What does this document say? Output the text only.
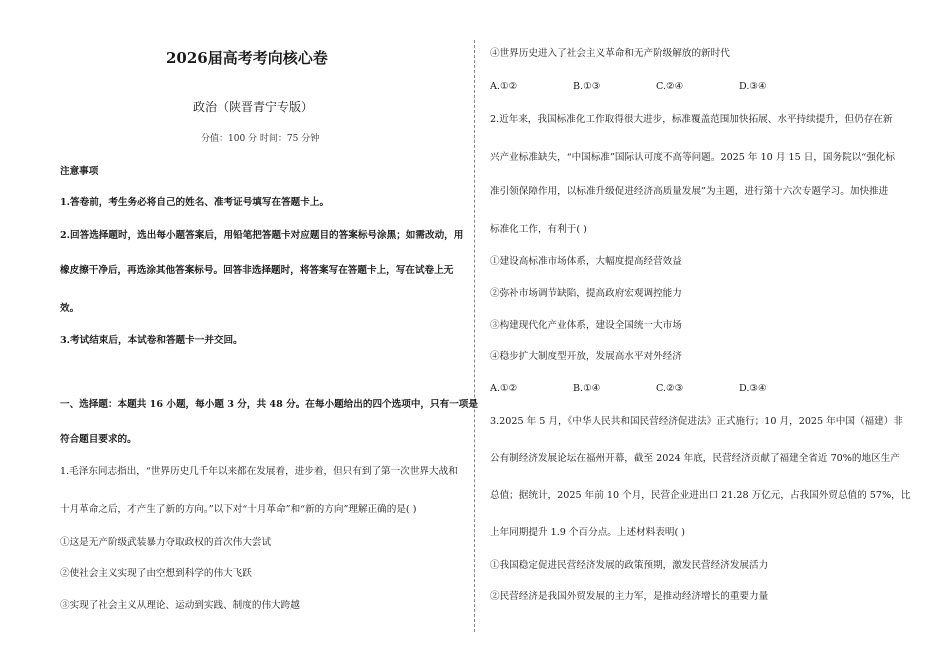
2026届高考考向核心卷
政治（陕晋青宁专版）
分值：100 分 时间：75 分钟
注意事项
1.答卷前，考生务必将自己的姓名、准考证号填写在答题卡上。
2.回答选择题时，选出每小题答案后，用铅笔把答题卡对应题目的答案标号涂黑；如需改动，用
橡皮擦干净后，再选涂其他答案标号。回答非选择题时，将答案写在答题卡上，写在试卷上无
效。
3.考试结束后，本试卷和答题卡一并交回。
一、选择题：本题共 16 小题，每小题 3 分，共 48 分。在每小题给出的四个选项中，只有一项是
符合题目要求的。
1.毛泽东同志指出，“世界历史几千年以来都在发展着，进步着，但只有到了第一次世界大战和
十月革命之后，才产生了新的方向。”以下对“十月革命”和“新的方向”理解正确的是( )
①这是无产阶级武装暴力夺取政权的首次伟大尝试
②使社会主义实现了由空想到科学的伟大飞跃
③实现了社会主义从理论、运动到实践、制度的伟大跨越
④世界历史进入了社会主义革命和无产阶级解放的新时代
A.①②	B.①③	C.②④	D.③④
2.近年来，我国标准化工作取得很大进步，标准覆盖范围加快拓展、水平持续提升，但仍存在新
兴产业标准缺失，“中国标准”国际认可度不高等问题。2025 年 10 月 15 日，国务院以“强化标
准引领保障作用，以标准升级促进经济高质量发展”为主题，进行第十六次专题学习。加快推进
标准化工作，有利于( )
①建设高标准市场体系，大幅度提高经营效益
②弥补市场调节缺陷，提高政府宏观调控能力
③构建现代化产业体系，建设全国统一大市场
④稳步扩大制度型开放，发展高水平对外经济
A.①②	B.①④	C.②③	D.③④
3.2025 年 5 月，《中华人民共和国民营经济促进法》正式施行；10 月，2025 年中国（福建）非
公有制经济发展论坛在福州开幕，截至 2024 年底，民营经济贡献了福建全省近 70%的地区生产
总值；据统计，2025 年前 10 个月，民营企业进出口 21.28 万亿元，占我国外贸总值的 57%，比
上年同期提升 1.9 个百分点。上述材料表明( )
①我国稳定促进民营经济发展的政策预期，激发民营经济发展活力
②民营经济是我国外贸发展的主力军，是推动经济增长的重要力量
